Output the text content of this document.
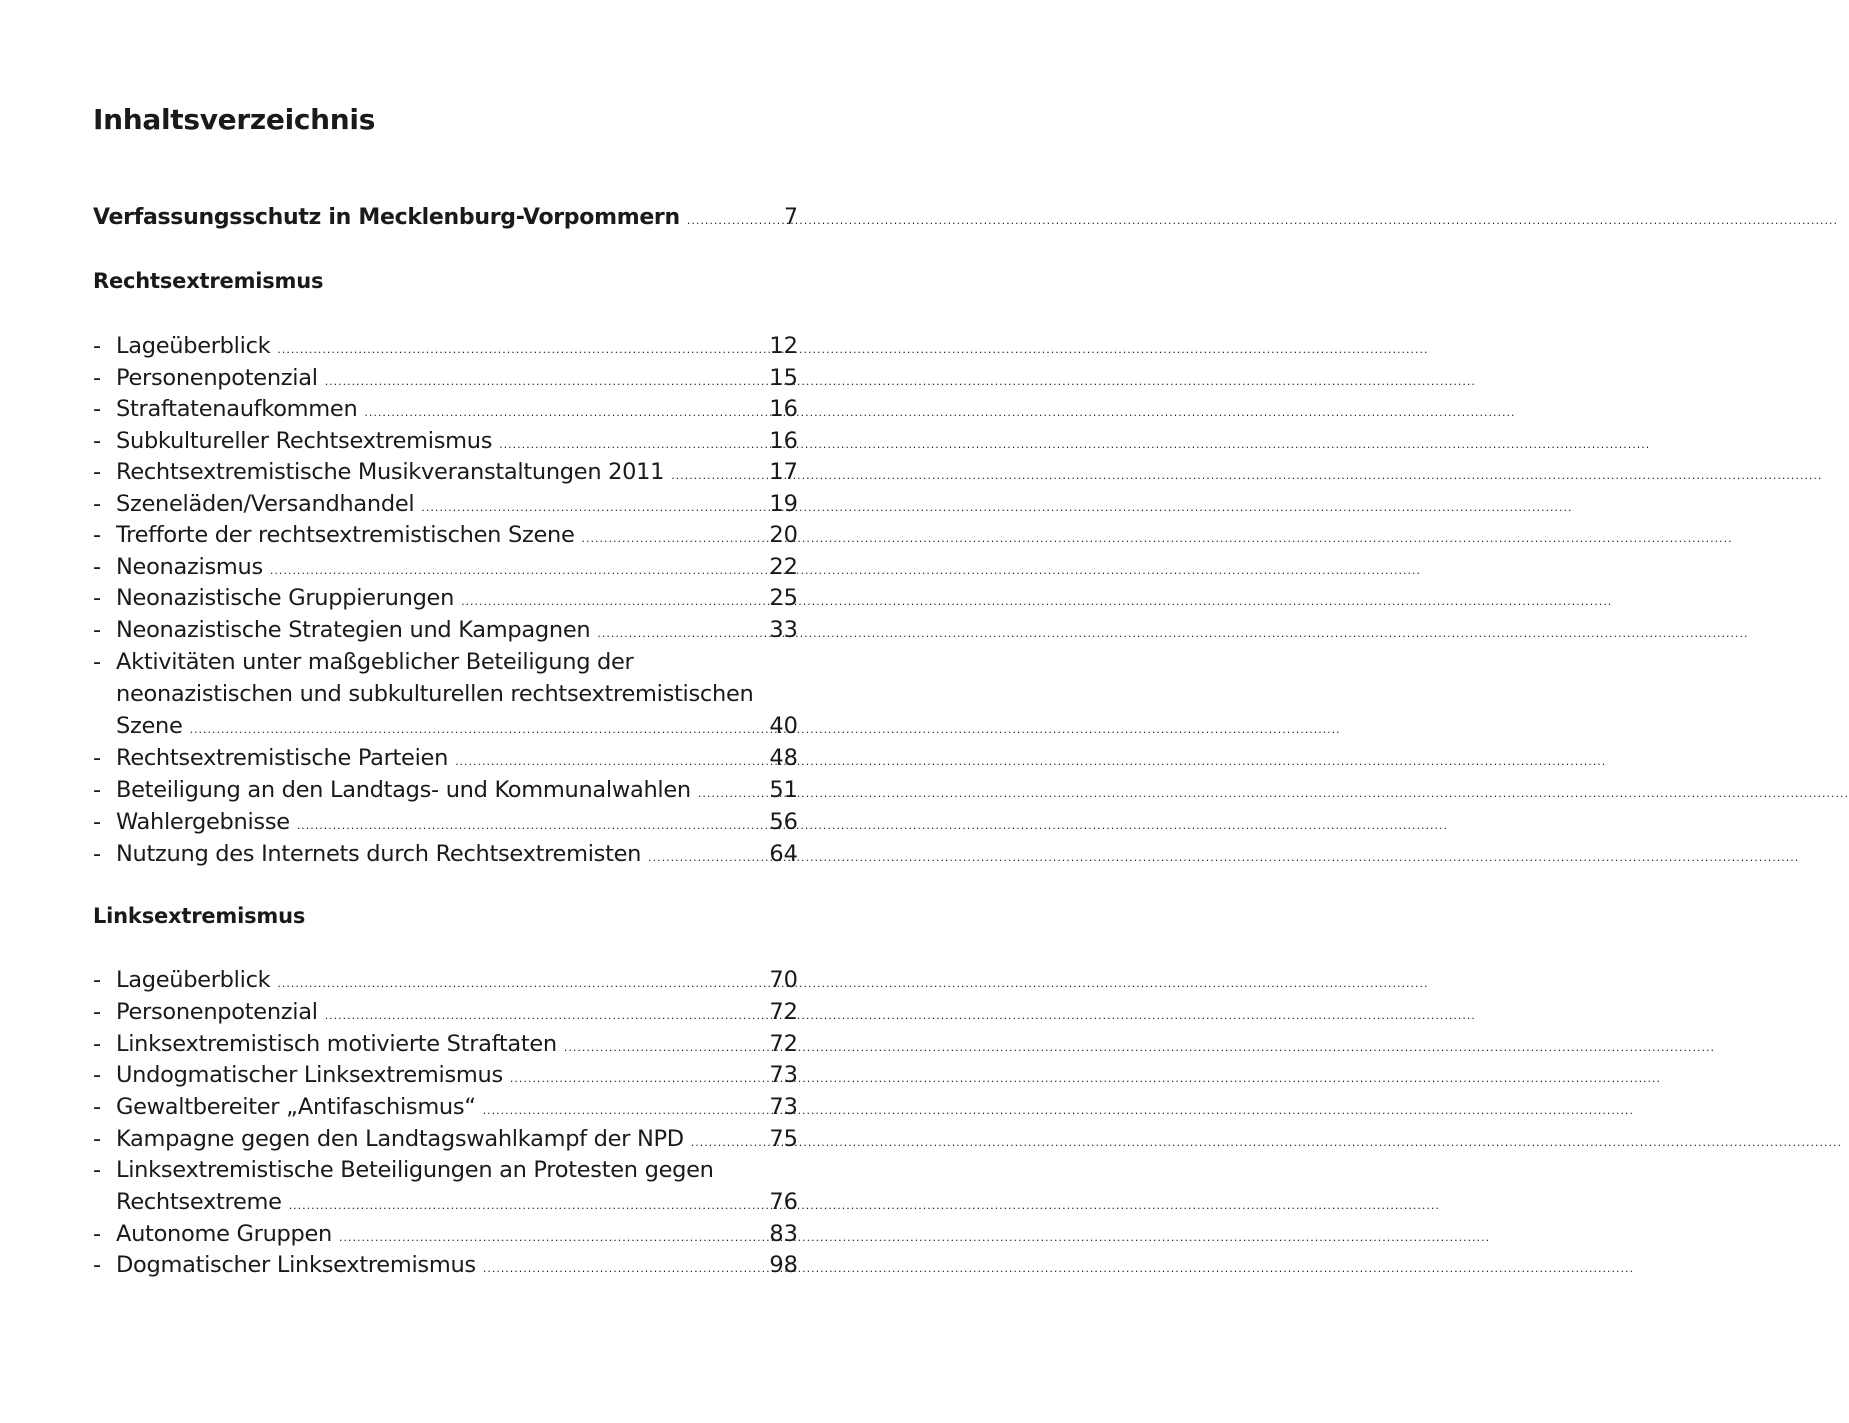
Inhaltsverzeichnis
Verfassungsschutz in Mecklenburg-Vorpommern .....	7
Rechtsextremismus
- Lageüberblick .....	12
- Personenpotenzial .....	15
- Straftatenaufkommen .....	16
- Subkultureller Rechtsextremismus .....	16
- Rechtsextremistische Musikveranstaltungen 2011 .....	17
- Szeneläden/Versandhandel .....	19
- Trefforte der rechtsextremistischen Szene .....	20
- Neonazismus .....	22
- Neonazistische Gruppierungen .....	25
- Neonazistische Strategien und Kampagnen .....	33
- Aktivitäten unter maßgeblicher Beteiligung der
neonazistischen und subkulturellen rechtsextremistischen
Szene .....	40
- Rechtsextremistische Parteien .....	48
- Beteiligung an den Landtags- und Kommunalwahlen .....	51
- Wahlergebnisse .....	56
- Nutzung des Internets durch Rechtsextremisten .....	64
Linksextremismus
- Lageüberblick .....	70
- Personenpotenzial .....	72
- Linksextremistisch motivierte Straftaten .....	72
- Undogmatischer Linksextremismus .....	73
- Gewaltbereiter „Antifaschismus“ .....	73
- Kampagne gegen den Landtagswahlkampf der NPD .....	75
- Linksextremistische Beteiligungen an Protesten gegen
Rechtsextreme .....	76
- Autonome Gruppen .....	83
- Dogmatischer Linksextremismus .....	98
